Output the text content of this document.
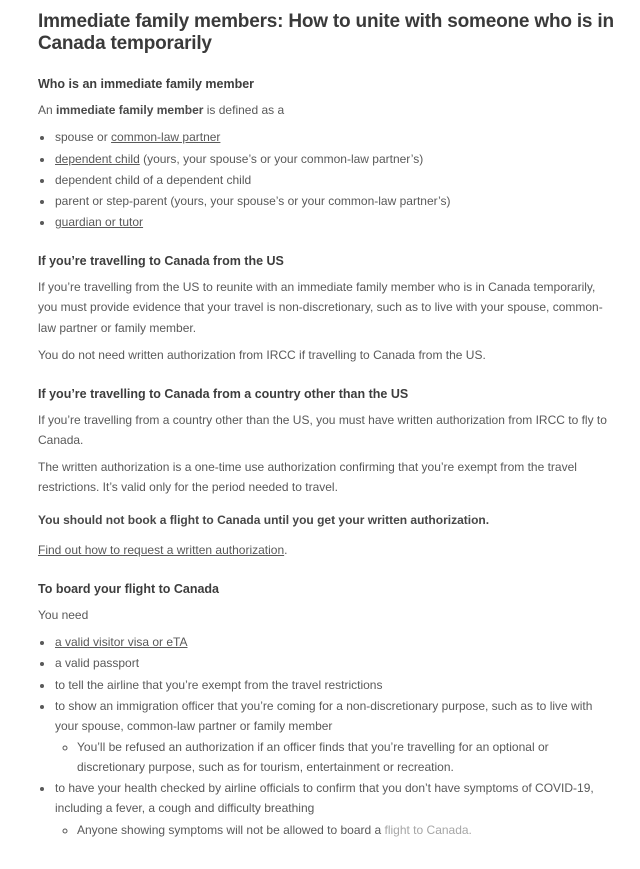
Immediate family members: How to unite with someone who is in Canada temporarily
Who is an immediate family member

An immediate family member is defined as a

• spouse or common-law partner
• dependent child (yours, your spouse’s or your common-law partner’s)
• dependent child of a dependent child
• parent or step-parent (yours, your spouse’s or your common-law partner’s)
• guardian or tutor
If you’re travelling to Canada from the US

If you’re travelling from the US to reunite with an immediate family member who is in Canada temporarily, you must provide evidence that your travel is non-discretionary, such as to live with your spouse, common-law partner or family member.

You do not need written authorization from IRCC if travelling to Canada from the US.

If you’re travelling to Canada from a country other than the US

If you’re travelling from a country other than the US, you must have written authorization from IRCC to fly to Canada.

The written authorization is a one-time use authorization confirming that you’re exempt from the travel restrictions. It’s valid only for the period needed to travel.

You should not book a flight to Canada until you get your written authorization.

Find out how to request a written authorization.

To board your flight to Canada

You need

• a valid visitor visa or eTA
• a valid passport
• to tell the airline that you’re exempt from the travel restrictions
• to show an immigration officer that you’re coming for a non-discretionary purpose, such as to live with your spouse, common-law partner or family member
◦ You’ll be refused an authorization if an officer finds that you’re travelling for an optional or discretionary purpose, such as for tourism, entertainment or recreation.
• to have your health checked by airline officials to confirm that you don’t have symptoms of COVID-19, including a fever, a cough and difficulty breathing
◦ Anyone showing symptoms will not be allowed to board a flight to Canada.
